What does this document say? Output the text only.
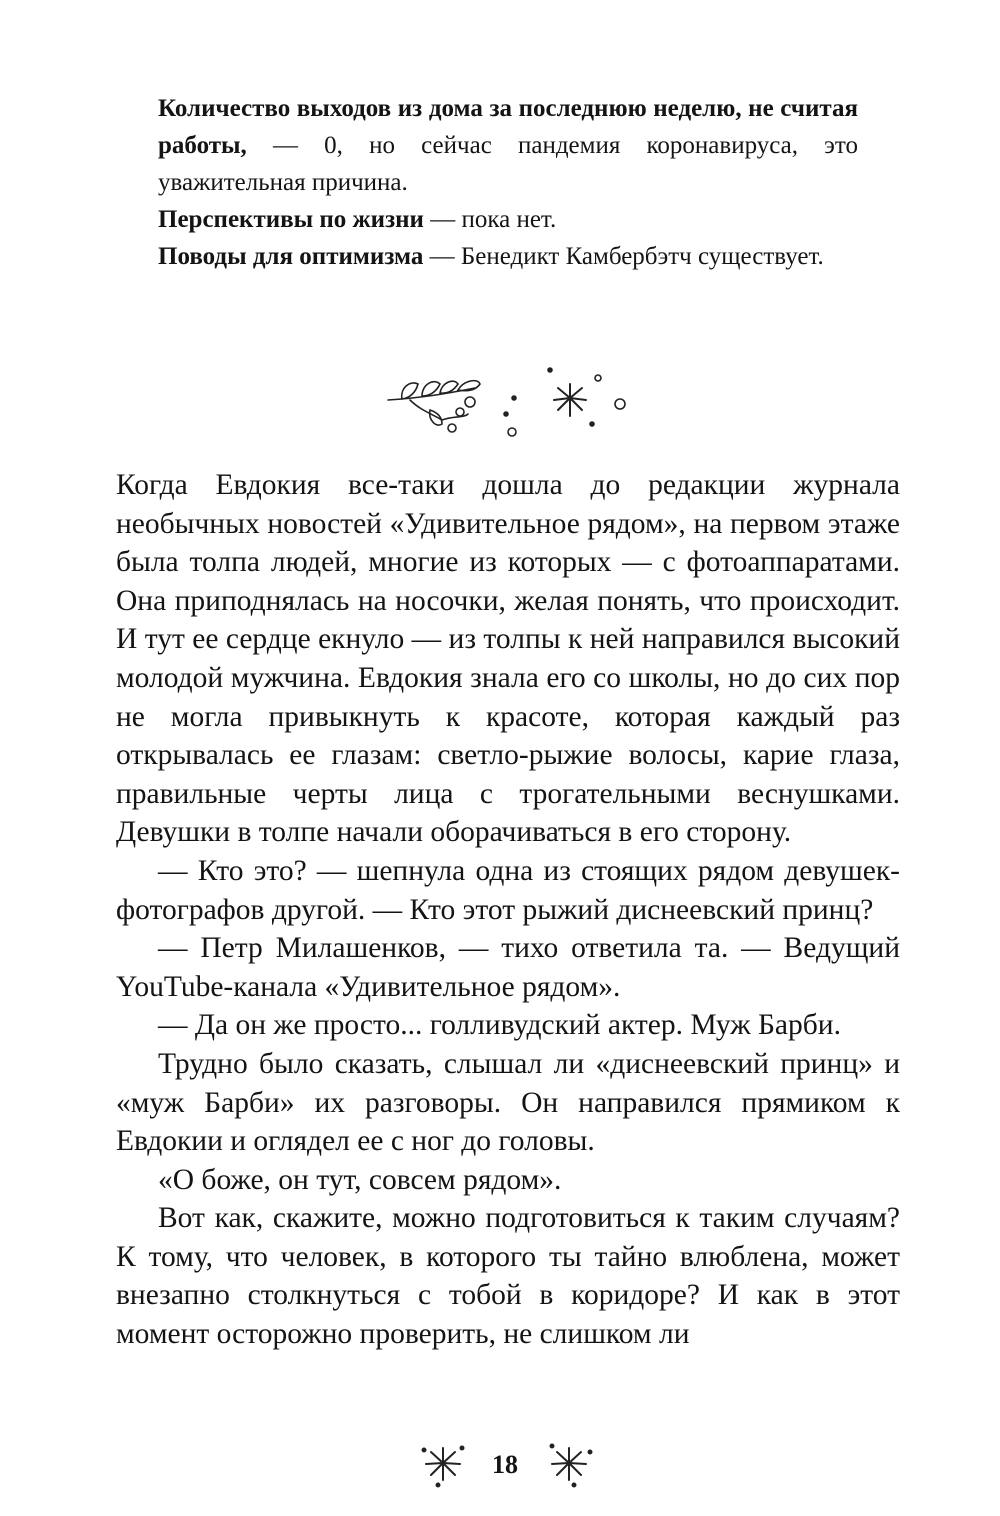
Количество выходов из дома за последнюю неделю, не считая работы, — 0, но сейчас пандемия коронавируса, это уважительная причина.

Перспективы по жизни — пока нет.

Поводы для оптимизма — Бенедикт Камбербэтч существует.

Когда Евдокия все-таки дошла до редакции журнала необычных новостей «Удивительное рядом», на первом этаже была толпа людей, многие из которых — с фотоаппаратами. Она приподнялась на носочки, желая понять, что происходит. И тут ее сердце екнуло — из толпы к ней направился высокий молодой мужчина. Евдокия знала его со школы, но до сих пор не могла привыкнуть к красоте, которая каждый раз открывалась ее глазам: светло-рыжие волосы, карие глаза, правильные черты лица с трогательными веснушками. Девушки в толпе начали оборачиваться в его сторону.

— Кто это? — шепнула одна из стоящих рядом девушек-фотографов другой. — Кто этот рыжий диснеевский принц?

— Петр Милашенков, — тихо ответила та. — Ведущий YouTube-канала «Удивительное рядом».

— Да он же просто... голливудский актер. Муж Барби.

Трудно было сказать, слышал ли «диснеевский принц» и «муж Барби» их разговоры. Он направился прямиком к Евдокии и оглядел ее с ног до головы.

«О боже, он тут, совсем рядом».

Вот как, скажите, можно подготовиться к таким случаям? К тому, что человек, в которого ты тайно влюблена, может внезапно столкнуться с тобой в коридоре? И как в этот момент осторожно проверить, не слишком ли

18
